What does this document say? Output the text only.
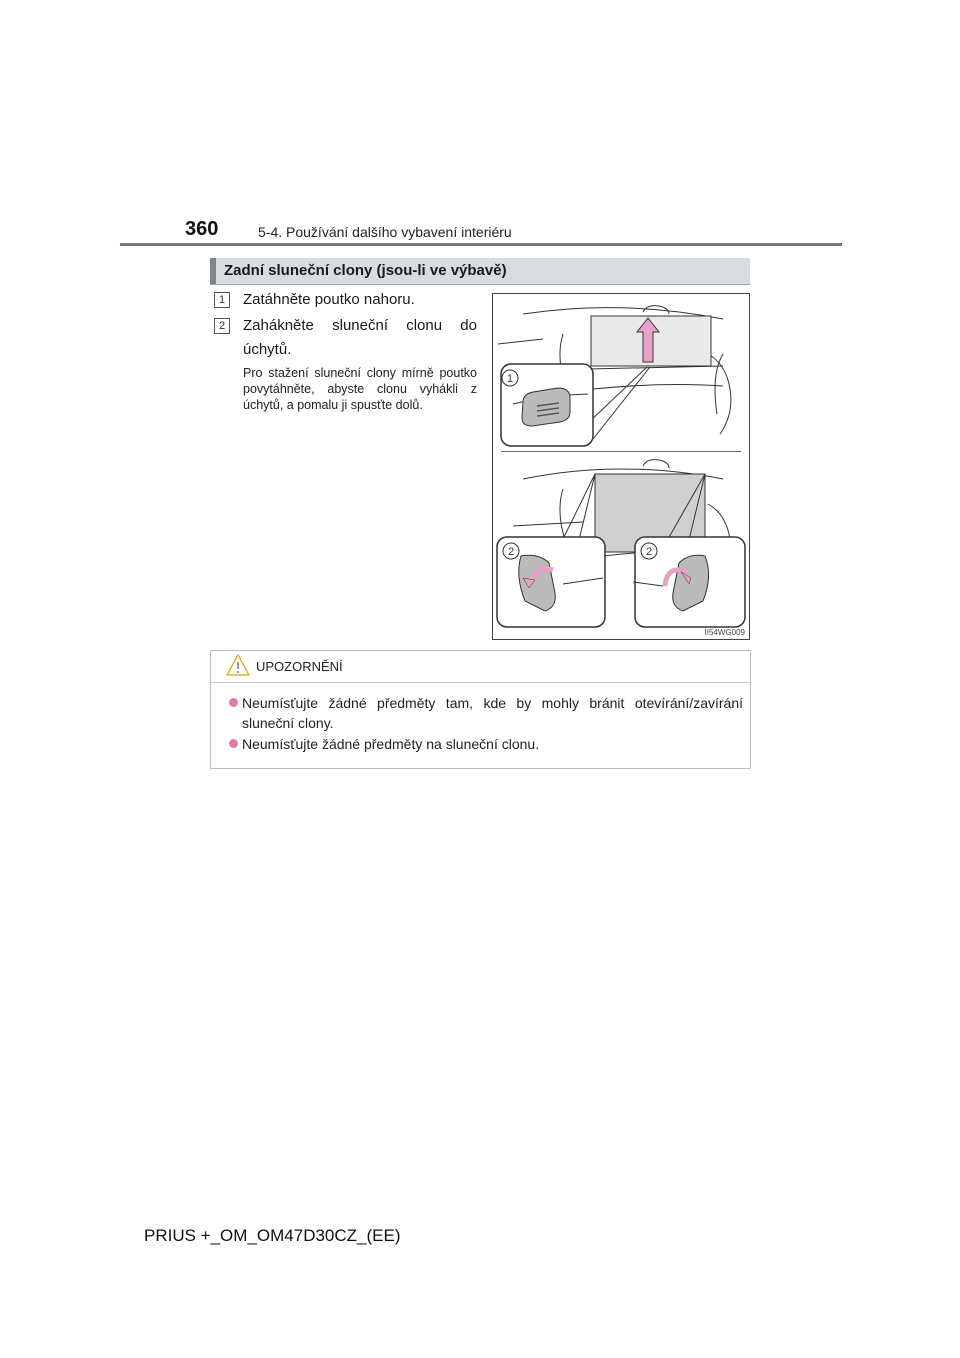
360	5-4. Používání dalšího vybavení interiéru
Zadní sluneční clony (jsou-li ve výbavě)
1	Zatáhněte poutko nahoru.
2	Zahákněte sluneční clonu do úchytů.
Pro stažení sluneční clony mírně poutko povytáhněte, abyste clonu vyhákli z úchytů, a pomalu ji spusťte dolů.
1
2	2
II54WG009
UPOZORNĚNÍ
Neumísťujte žádné předměty tam, kde by mohly bránit otevírání/zavírání sluneční clony.
Neumísťujte žádné předměty na sluneční clonu.
PRIUS +_OM_OM47D30CZ_(EE)
